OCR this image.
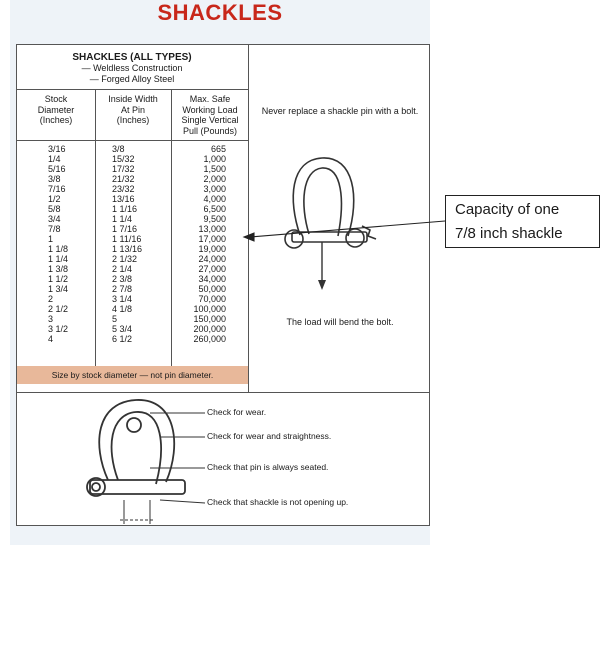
SHACKLES
SHACKLES (ALL TYPES)
— Weldless Construction
— Forged Alloy Steel
Stock
Diameter
(Inches)
Inside Width
At Pin
(Inches)
Max. Safe
Working Load
Single Vertical
Pull (Pounds)
3/16
1/4
5/16
3/8
7/16
1/2
5/8
3/4
7/8
1
1 1/8
1 1/4
1 3/8
1 1/2
1 3/4
2
2 1/2
3
3 1/2
4
3/8
15/32
17/32
21/32
23/32
13/16
1 1/16
1 1/4
1 7/16
1 11/16
1 13/16
2 1/32
2 1/4
2 3/8
2 7/8
3 1/4
4 1/8
5
5 3/4
6 1/2
665
1,000
1,500
2,000
3,000
4,000
6,500
9,500
13,000
17,000
19,000
24,000
27,000
34,000
50,000
70,000
100,000
150,000
200,000
260,000
Size by stock diameter — not pin diameter.
Never replace a shackle pin with a bolt.
The load will bend the bolt.
Check for wear.
Check for wear and straightness.
Check that pin is always seated.
Check that shackle is not opening up.
Capacity of one
7/8 inch shackle
